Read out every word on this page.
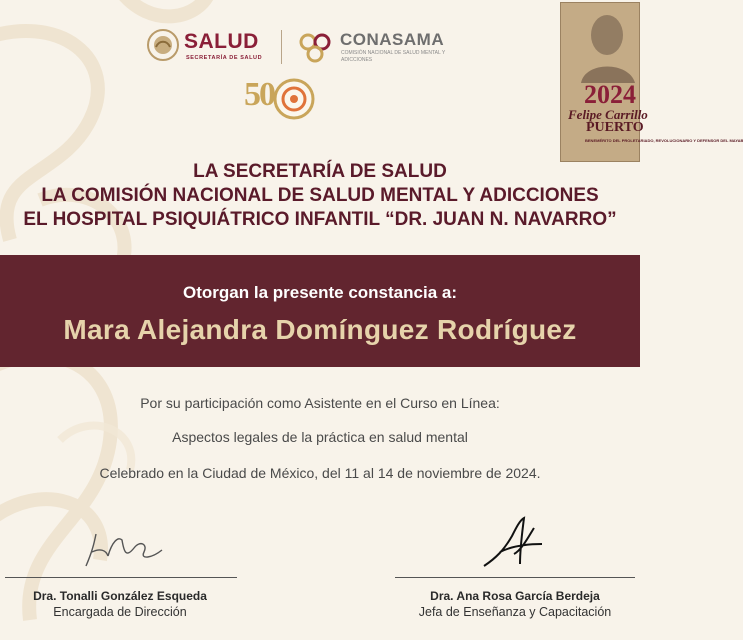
SALUD
SECRETARÍA DE SALUD
CONASAMA
COMISIÓN NACIONAL DE SALUD MENTAL Y ADICCIONES
50	2024
Felipe Carrillo
PUERTO
BENEMÉRITO DEL PROLETARIADO, REVOLUCIONARIO Y DEFENSOR DEL MAYAB
LA SECRETARÍA DE SALUD
LA COMISIÓN NACIONAL DE SALUD MENTAL Y ADICCIONES
EL HOSPITAL PSIQUIÁTRICO INFANTIL “DR. JUAN N. NAVARRO”
Otorgan la presente constancia a:
Mara Alejandra Domínguez Rodríguez
Por su participación como Asistente en el Curso en Línea:
Aspectos legales de la práctica en salud mental
Celebrado en la Ciudad de México, del 11 al 14 de noviembre de 2024.
Dra. Tonalli González Esqueda
Encargada de Dirección
Dra. Ana Rosa García Berdeja
Jefa de Enseñanza y Capacitación
